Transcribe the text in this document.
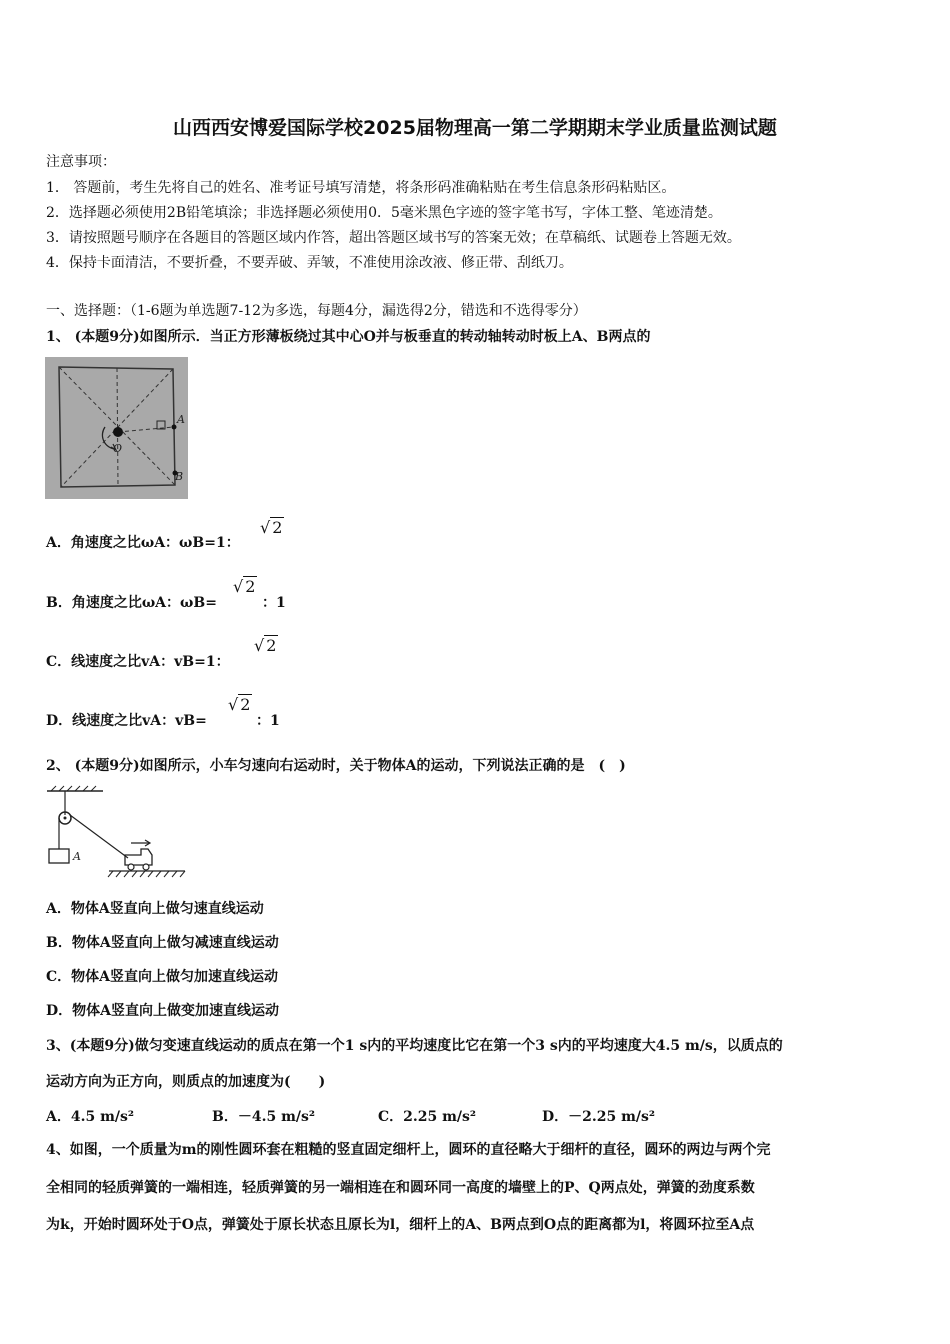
山西西安博爱国际学校2025届物理高一第二学期期末学业质量监测试题
注意事项：
1． 答题前，考生先将自己的姓名、准考证号填写清楚，将条形码准确粘贴在考生信息条形码粘贴区。
2．选择题必须使用2B铅笔填涂；非选择题必须使用0．5毫米黑色字迹的签字笔书写，字体工整、笔迹清楚。
3．请按照题号顺序在各题目的答题区域内作答，超出答题区域书写的答案无效；在草稿纸、试题卷上答题无效。
4．保持卡面清洁，不要折叠，不要弄破、弄皱，不准使用涂改液、修正带、刮纸刀。
一、选择题：（1-6题为单选题7-12为多选，每题4分，漏选得2分，错选和不选得零分）
1、 (本题9分)如图所示．当正方形薄板绕过其中心O并与板垂直的转动轴转动时板上A、B两点的
A
B
O
A．角速度之比ωA：ωB=1：
√ 2
B．角速度之比ωA：ωB=
√ 2
：1
C．线速度之比vA：vB=1：
√ 2
D．线速度之比vA：vB=
√ 2
：1
2、 (本题9分)如图所示，小车匀速向右运动时，关于物体A的运动，下列说法正确的是　(　)
A
A．物体A竖直向上做匀速直线运动
B．物体A竖直向上做匀减速直线运动
C．物体A竖直向上做匀加速直线运动
D．物体A竖直向上做变加速直线运动
3、(本题9分)做匀变速直线运动的质点在第一个1 s内的平均速度比它在第一个3 s内的平均速度大4.5 m/s，以质点的
运动方向为正方向，则质点的加速度为(　　)
A．4.5 m/s²	B．－4.5 m/s²	C．2.25 m/s²	D．－2.25 m/s²
4、如图，一个质量为m的刚性圆环套在粗糙的竖直固定细杆上，圆环的直径略大于细杆的直径，圆环的两边与两个完
全相同的轻质弹簧的一端相连，轻质弹簧的另一端相连在和圆环同一高度的墙壁上的P、Q两点处，弹簧的劲度系数
为k，开始时圆环处于O点，弹簧处于原长状态且原长为l，细杆上的A、B两点到O点的距离都为l，将圆环拉至A点
